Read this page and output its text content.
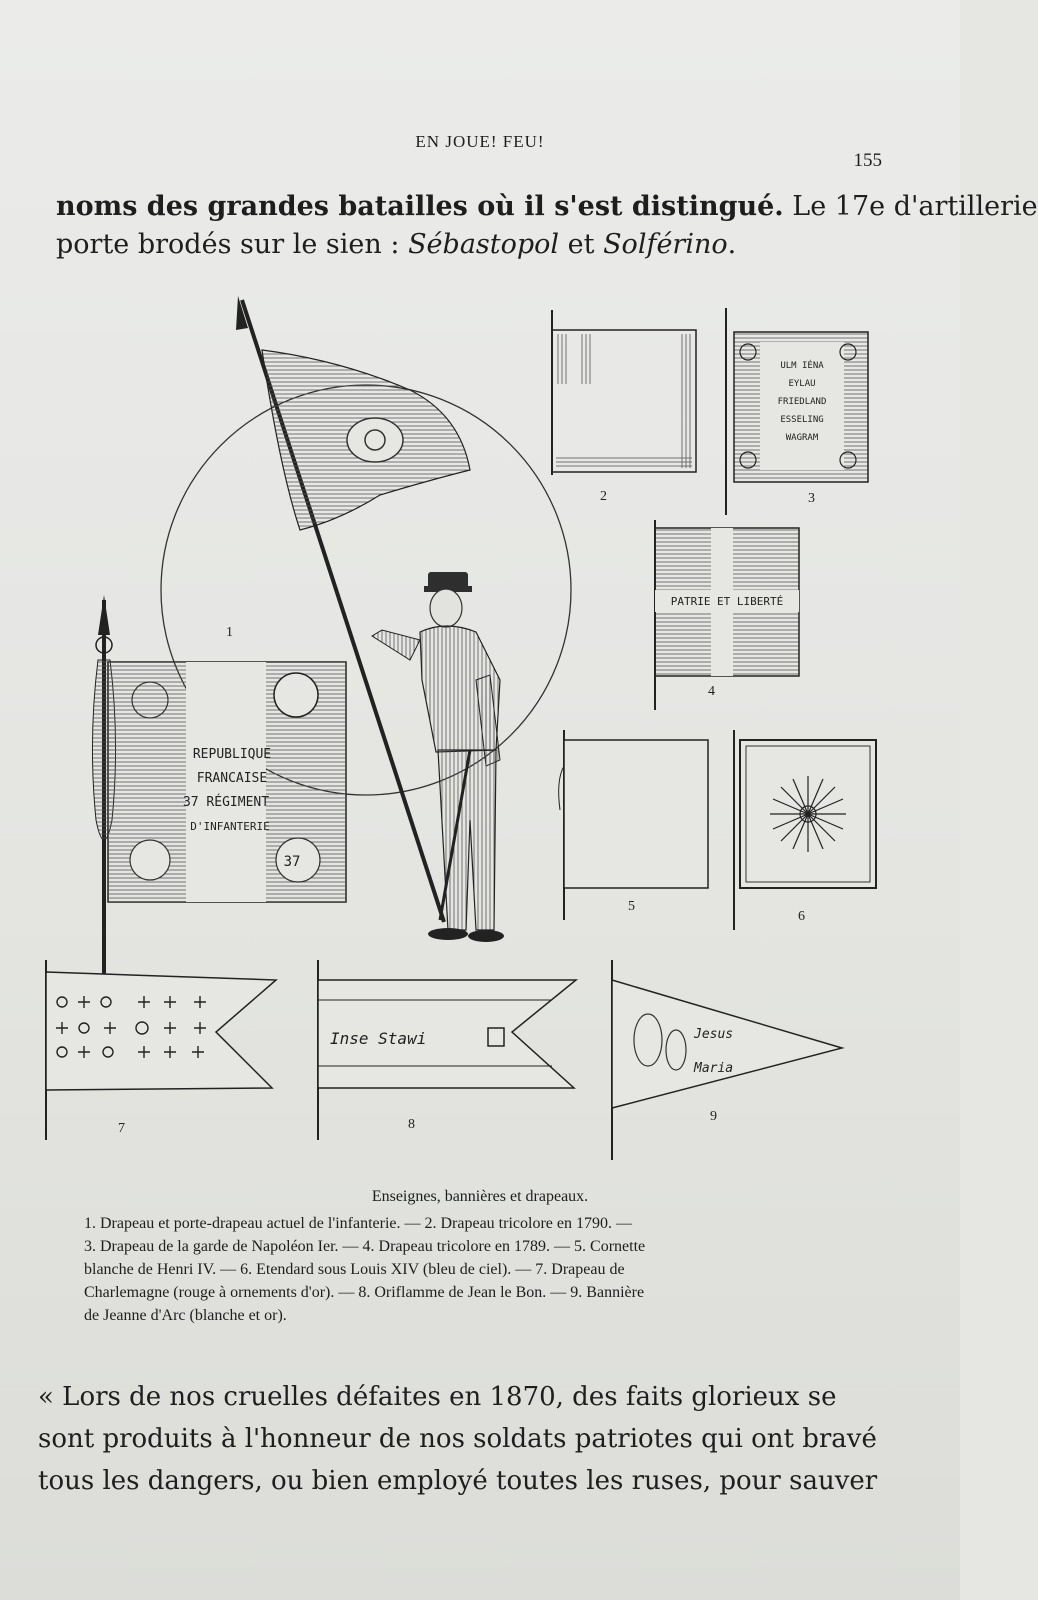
EN JOUE! FEU!
155
noms des grandes batailles où il s'est distingué. Le 17e d'artillerie
porte brodés sur le sien : Sébastopol et Solférino.
1
37
REPUBLIQUE
FRANCAISE
37 RÉGIMENT
D'INFANTERIE
2
ULM IÉNA
EYLAU
FRIEDLAND
ESSELING
WAGRAM
3
PATRIE ET LIBERTÉ
4
5
6
7
Inse Stawi
8
Jesus
Maria
9
Enseignes, bannières et drapeaux.
1. Drapeau et porte-drapeau actuel de l'infanterie. — 2. Drapeau tricolore en 1790. —
3. Drapeau de la garde de Napoléon Ier. — 4. Drapeau tricolore en 1789. — 5. Cornette
blanche de Henri IV. — 6. Etendard sous Louis XIV (bleu de ciel). — 7. Drapeau de
Charlemagne (rouge à ornements d'or). — 8. Oriflamme de Jean le Bon. — 9. Bannière
de Jeanne d'Arc (blanche et or).
« Lors de nos cruelles défaites en 1870, des faits glorieux se
sont produits à l'honneur de nos soldats patriotes qui ont bravé
tous les dangers, ou bien employé toutes les ruses, pour sauver
